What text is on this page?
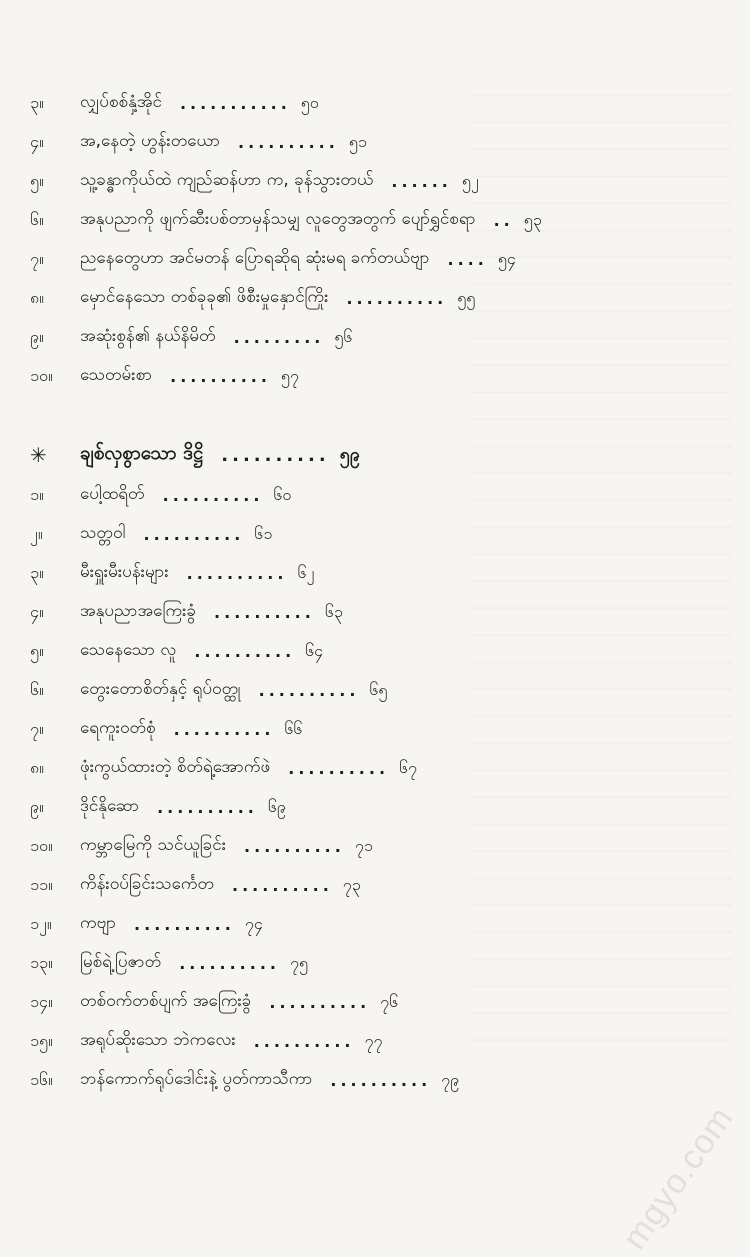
၃။	လျှပ်စစ်နှံ့အိုင် ........... ၅၀
၄။	အ,နေတဲ့ ဟွန်းတယော .......... ၅၁
၅။	သူ့ခန္ဓာကိုယ်ထဲ ကျည်ဆန်ဟာ က, ခုန်သွားတယ် ...... ၅၂
၆။	အနုပညာကို ဖျက်ဆီးပစ်တာမှန်သမျှ လူတွေအတွက် ပျော်ရွှင်စရာ .. ၅၃
၇။	ညနေတွေဟာ အင်မတန် ပြောရဆိုရ ဆုံးမရ ခက်တယ်ဗျာ .... ၅၄
၈။	မှောင်နေသော တစ်ခုခု၏ ဖိစီးမှုနှောင်ကြိုး .......... ၅၅
၉။	အဆုံးစွန်၏ နယ်နိမိတ် ......... ၅၆
၁၀။	သေတမ်းစာ .......... ၅၇
✳	ချစ်လှစွာသော ဒိဋ္ဌိ .......... ၅၉
၁။	ပေါ့ထရိတ် .......... ၆၀
၂။	သတ္တဝါ .......... ၆၁
၃။	မီးရှူးမီးပန်းများ .......... ၆၂
၄။	အနုပညာအကြေးခွံ .......... ၆၃
၅။	သေနေသော လူ .......... ၆၄
၆။	တွေးတောစိတ်နှင့် ရုပ်ဝတ္ထု .......... ၆၅
၇။	ရေကူးဝတ်စုံ .......... ၆၆
၈။	ဖုံးကွယ်ထားတဲ့ စိတ်ရဲ့အောက်ဖဲ .......... ၆၇
၉။	ဒိုင်နိုဆော .......... ၆၉
၁၀။	ကမ္ဘာမြေကို သင်ယူခြင်း .......... ၇၁
၁၁။	ကိန်းဝပ်ခြင်းသင်္ကေတ .......... ၇၃
၁၂။	ကဗျာ .......... ၇၄
၁၃။	မြစ်ရဲ့ပြဇာတ် .......... ၇၅
၁၄။	တစ်ဝက်တစ်ပျက် အကြေးခွံ .......... ၇၆
၁၅။	အရုပ်ဆိုးသော ဘဲကလေး .......... ၇၇
၁၆။	ဘန်ကောက်ရုပ်ဒေါင်းနဲ့ ပွတ်ကာသီကာ .......... ၇၉
mgyo.com
